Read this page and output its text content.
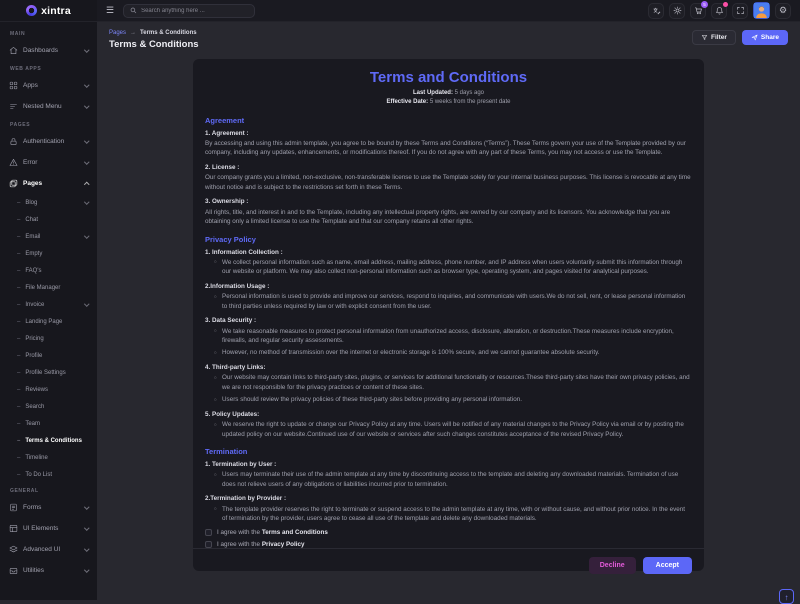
xintra	☰
Search anything here ...
5
⚙
MAIN
Dashboards
WEB APPS
Apps
Nested Menu
PAGES
Authentication
Error
Pages
– Blog
– Chat
– Email
– Empty
– FAQ's
– File Manager
– Invoice
– Landing Page
– Pricing
– Profile
– Profile Settings
– Reviews
– Search
– Team
– Terms & Conditions
– Timeline
– To Do List
GENERAL
Forms
UI Elements
Advanced UI
Utilities
Pages → Terms & Conditions
Terms & Conditions
Filter	Share
Terms and Conditions
Last Updated: 5 days ago
Effective Date: 5 weeks from the present date
Agreement
1. Agreement :

By accessing and using this admin template, you agree to be bound by these Terms and Conditions (“Terms”). These Terms govern your use of the Template provided by our company, including any updates, enhancements, or modifications thereof. If you do not agree with any part of these Terms, you may not access or use the Template.

2. License :

Our company grants you a limited, non-exclusive, non-transferable license to use the Template solely for your internal business purposes. This license is revocable at any time without notice and is subject to the restrictions set forth in these Terms.

3. Ownership :

All rights, title, and interest in and to the Template, including any intellectual property rights, are owned by our company and its licensors. You acknowledge that you are obtaining only a limited license to use the Template and that our company retains all other rights.

Privacy Policy
1. Information Collection :
○ We collect personal information such as name, email address, mailing address, phone number, and IP address when users voluntarily submit this information through our website or platform. We may also collect non-personal information such as browser type, operating system, and pages visited for analytical purposes.
2.Information Usage :
○ Personal information is used to provide and improve our services, respond to inquiries, and communicate with users.We do not sell, rent, or lease personal information to third parties unless required by law or with explicit consent from the user.
3. Data Security :
○ We take reasonable measures to protect personal information from unauthorized access, disclosure, alteration, or destruction.These measures include encryption, firewalls, and regular security assessments.
○ However, no method of transmission over the internet or electronic storage is 100% secure, and we cannot guarantee absolute security.
4. Third-party Links:
○ Our website may contain links to third-party sites, plugins, or services for additional functionality or resources.These third-party sites have their own privacy policies, and we are not responsible for the privacy practices or content of these sites.
○ Users should review the privacy policies of these third-party sites before providing any personal information.
5. Policy Updates:
○ We reserve the right to update or change our Privacy Policy at any time. Users will be notified of any material changes to the Privacy Policy via email or by posting the updated policy on our website.Continued use of our website or services after such changes constitutes acceptance of the revised Privacy Policy.
Termination
1. Termination by User :
○ Users may terminate their use of the admin template at any time by discontinuing access to the template and deleting any downloaded materials. Termination of use does not relieve users of any obligations or liabilities incurred prior to termination.
2.Termination by Provider :
○ The template provider reserves the right to terminate or suspend access to the admin template at any time, with or without cause, and without prior notice. In the event of termination by the provider, users agree to cease all use of the template and delete any downloaded materials.
I agree with the Terms and Conditions
I agree with the Privacy Policy
Decline	Accept
↑
